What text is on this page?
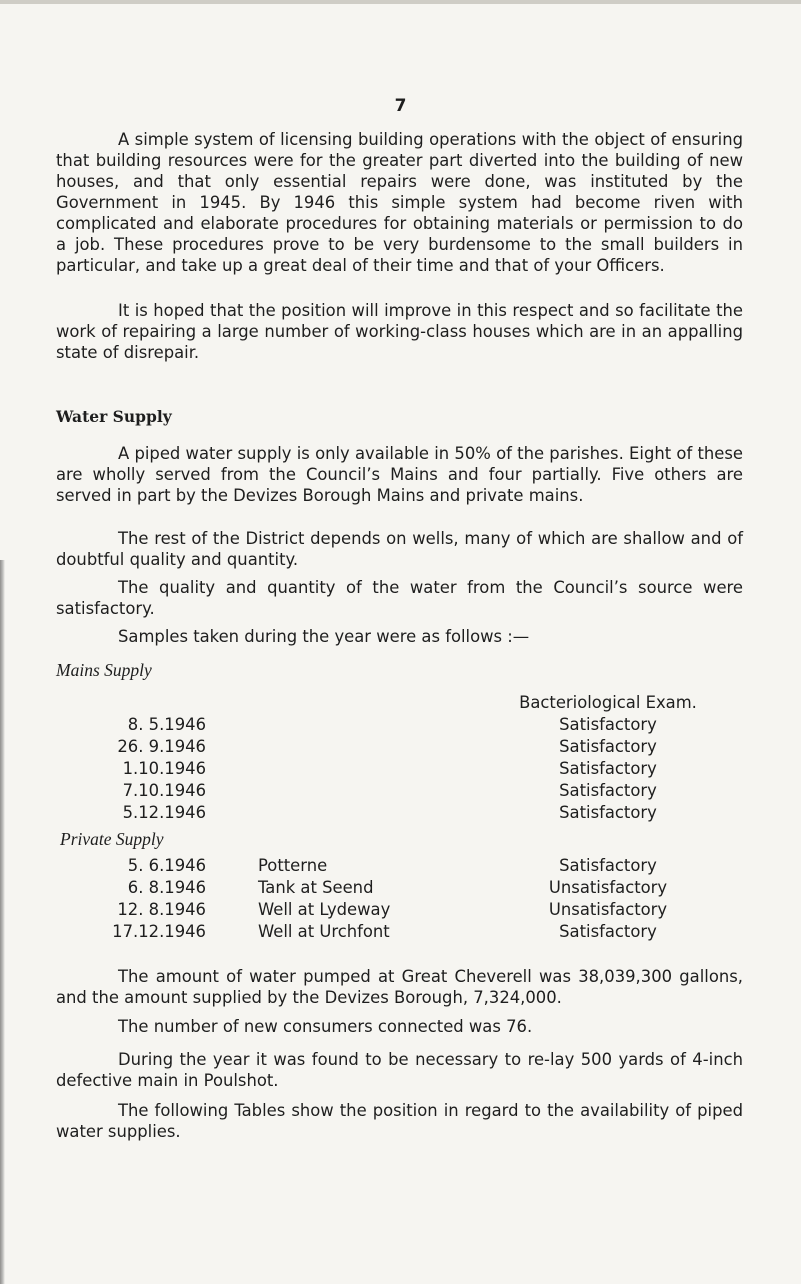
7

A simple system of licensing building operations with the object of ensuring that building resources were for the greater part diverted into the building of new houses, and that only essential repairs were done, was instituted by the Government in 1945. By 1946 this simple system had become riven with complicated and elaborate procedures for obtaining materials or permission to do a job. These procedures prove to be very burdensome to the small builders in particular, and take up a great deal of their time and that of your Officers.

It is hoped that the position will improve in this respect and so facilitate the work of repairing a large number of working-class houses which are in an appalling state of disrepair.

Water Supply

A piped water supply is only available in 50% of the parishes. Eight of these are wholly served from the Council’s Mains and four partially. Five others are served in part by the Devizes Borough Mains and private mains.

The rest of the District depends on wells, many of which are shallow and of doubtful quality and quantity.

The quality and quantity of the water from the Council’s source were satisfactory.

Samples taken during the year were as follows :—

Mains Supply
Bacteriological Exam.
8. 5.1946	Satisfactory
26. 9.1946	Satisfactory
1.10.1946	Satisfactory
7.10.1946	Satisfactory
5.12.1946	Satisfactory
Private Supply
5. 6.1946	Potterne	Satisfactory
6. 8.1946	Tank at Seend	Unsatisfactory
12. 8.1946	Well at Lydeway	Unsatisfactory
17.12.1946	Well at Urchfont	Satisfactory

The amount of water pumped at Great Cheverell was 38,039,300 gallons, and the amount supplied by the Devizes Borough, 7,324,000.

The number of new consumers connected was 76.

During the year it was found to be necessary to re-lay 500 yards of 4-inch defective main in Poulshot.

The following Tables show the position in regard to the availability of piped water supplies.
